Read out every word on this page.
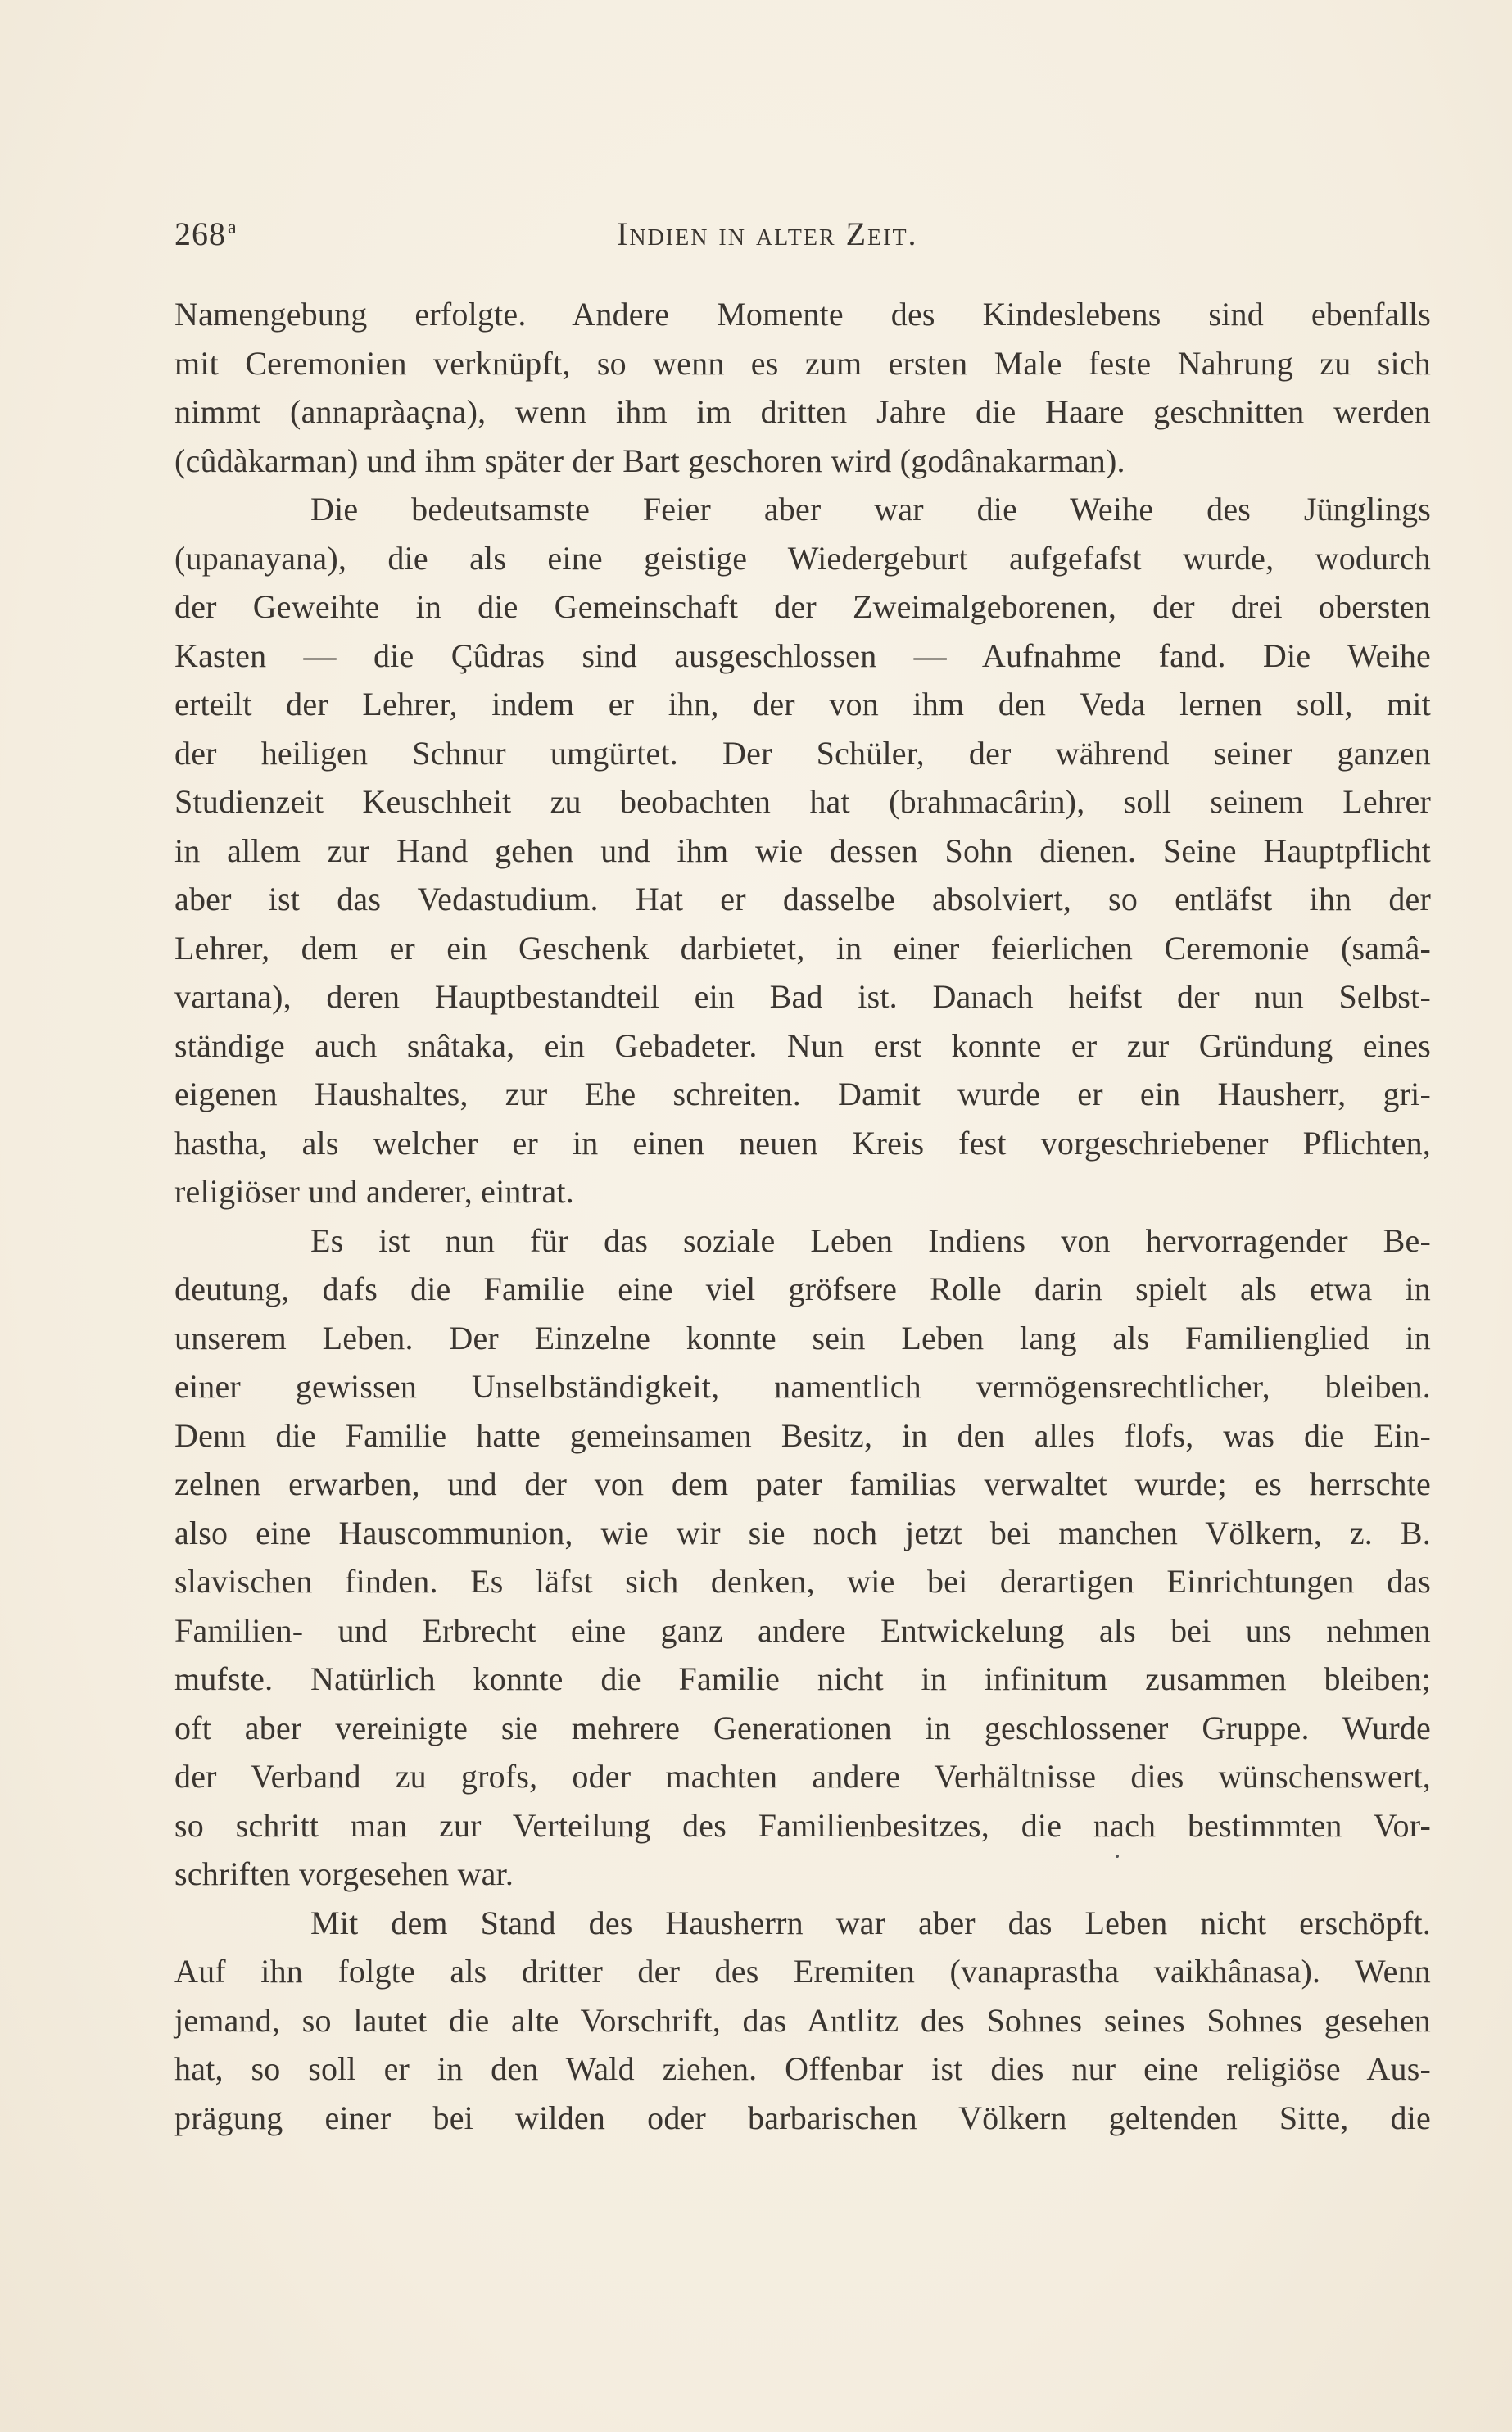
268$^a$	Indien in alter Zeit.
Namengebung erfolgte. Andere Momente des Kindeslebens sind ebenfalls
mit Ceremonien verknüpft, so wenn es zum ersten Male feste Nahrung zu sich
nimmt (annapràaçna), wenn ihm im dritten Jahre die Haare geschnitten werden
(cûdàkarman) und ihm später der Bart geschoren wird (godânakarman).
Die bedeutsamste Feier aber war die Weihe des Jünglings
(upanayana), die als eine geistige Wiedergeburt aufgefafst wurde, wodurch
der Geweihte in die Gemeinschaft der Zweimalgeborenen, der drei obersten
Kasten — die Çûdras sind ausgeschlossen — Aufnahme fand. Die Weihe
erteilt der Lehrer, indem er ihn, der von ihm den Veda lernen soll, mit
der heiligen Schnur umgürtet. Der Schüler, der während seiner ganzen
Studienzeit Keuschheit zu beobachten hat (brahmacârin), soll seinem Lehrer
in allem zur Hand gehen und ihm wie dessen Sohn dienen. Seine Hauptpflicht
aber ist das Vedastudium. Hat er dasselbe absolviert, so entläfst ihn der
Lehrer, dem er ein Geschenk darbietet, in einer feierlichen Ceremonie (samâ-
vartana), deren Hauptbestandteil ein Bad ist. Danach heifst der nun Selbst-
ständige auch snâtaka, ein Gebadeter. Nun erst konnte er zur Gründung eines
eigenen Haushaltes, zur Ehe schreiten. Damit wurde er ein Hausherr, gri-
hastha, als welcher er in einen neuen Kreis fest vorgeschriebener Pflichten,
religiöser und anderer, eintrat.
Es ist nun für das soziale Leben Indiens von hervorragender Be-
deutung, dafs die Familie eine viel gröfsere Rolle darin spielt als etwa in
unserem Leben. Der Einzelne konnte sein Leben lang als Familienglied in
einer gewissen Unselbständigkeit, namentlich vermögensrechtlicher, bleiben.
Denn die Familie hatte gemeinsamen Besitz, in den alles flofs, was die Ein-
zelnen erwarben, und der von dem pater familias verwaltet wurde; es herrschte
also eine Hauscommunion, wie wir sie noch jetzt bei manchen Völkern, z. B.
slavischen finden. Es läfst sich denken, wie bei derartigen Einrichtungen das
Familien- und Erbrecht eine ganz andere Entwickelung als bei uns nehmen
mufste. Natürlich konnte die Familie nicht in infinitum zusammen bleiben;
oft aber vereinigte sie mehrere Generationen in geschlossener Gruppe. Wurde
der Verband zu grofs, oder machten andere Verhältnisse dies wünschenswert,
so schritt man zur Verteilung des Familienbesitzes, die nach bestimmten Vor-
schriften vorgesehen war.
Mit dem Stand des Hausherrn war aber das Leben nicht erschöpft.
Auf ihn folgte als dritter der des Eremiten (vanaprastha vaikhânasa). Wenn
jemand, so lautet die alte Vorschrift, das Antlitz des Sohnes seines Sohnes gesehen
hat, so soll er in den Wald ziehen. Offenbar ist dies nur eine religiöse Aus-
prägung einer bei wilden oder barbarischen Völkern geltenden Sitte, die
